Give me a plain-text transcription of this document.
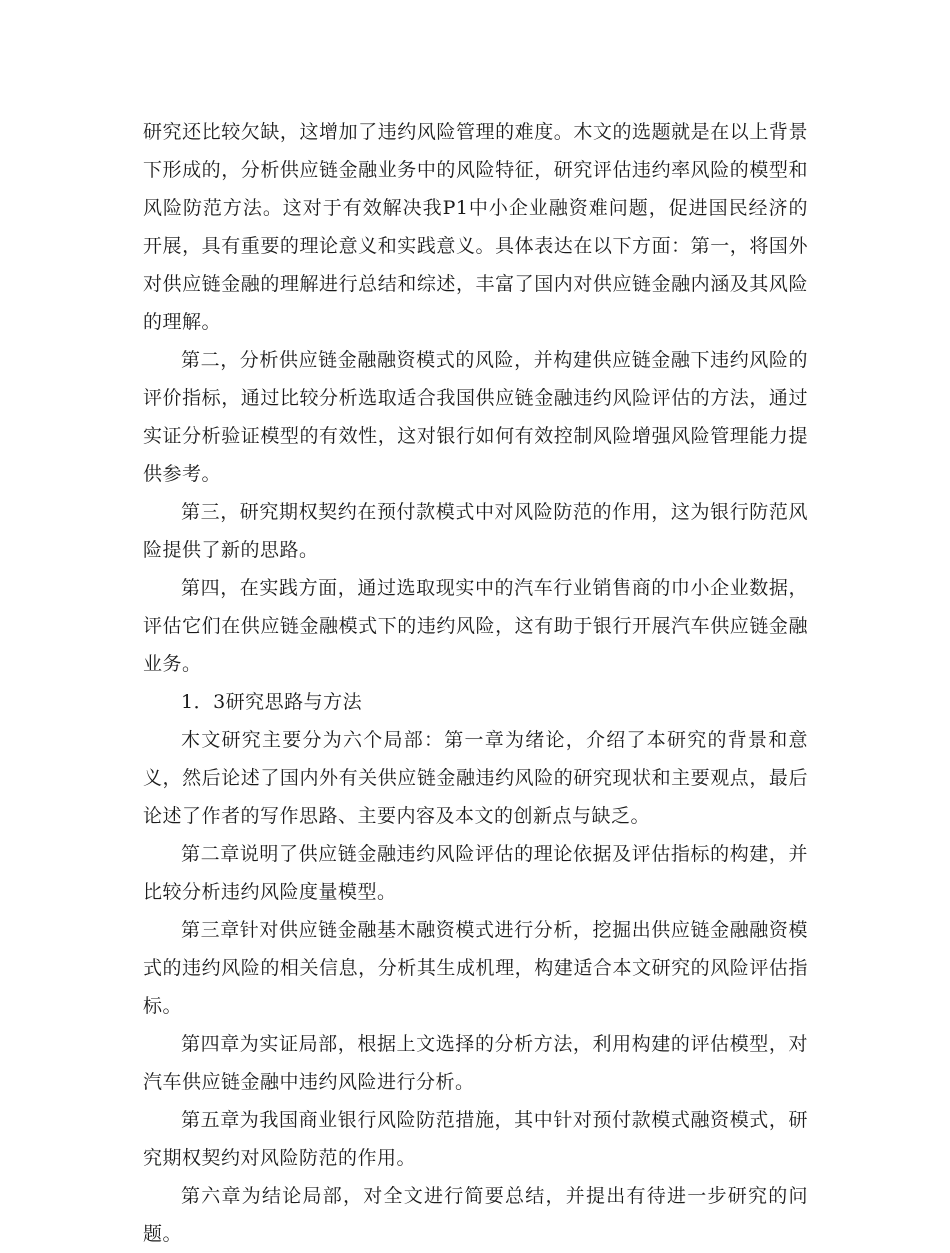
研究还比较欠缺，这增加了违约风险管理的难度。木文的选题就是在以上背景下形成的，分析供应链金融业务中的风险特征，研究评估违约率风险的模型和风险防范方法。这对于有效解决我P1中小企业融资难问题，促进国民经济的开展，具有重要的理论意义和实践意义。具体表达在以下方面：第一，将国外对供应链金融的理解进行总结和综述，丰富了国内对供应链金融内涵及其风险的理解。

第二，分析供应链金融融资模式的风险，并构建供应链金融下违约风险的评价指标，通过比较分析选取适合我国供应链金融违约风险评估的方法，通过实证分析验证模型的有效性，这对银行如何有效控制风险增强风险管理能力提供参考。

第三，研究期权契约在预付款模式中对风险防范的作用，这为银行防范风险提供了新的思路。

第四，在实践方面，通过选取现实中的汽车行业销售商的巾小企业数据，评估它们在供应链金融模式下的违约风险，这有助于银行开展汽车供应链金融业务。

1．3研究思路与方法

木文研究主要分为六个局部：第一章为绪论，介绍了本研究的背景和意义，然后论述了国内外有关供应链金融违约风险的研究现状和主要观点，最后论述了作者的写作思路、主要内容及本文的创新点与缺乏。

第二章说明了供应链金融违约风险评估的理论依据及评估指标的构建，并比较分析违约风险度量模型。

第三章针对供应链金融基木融资模式进行分析，挖掘出供应链金融融资模式的违约风险的相关信息，分析其生成机理，构建适合本文研究的风险评估指标。

第四章为实证局部，根据上文选择的分析方法，利用构建的评估模型，对汽车供应链金融中违约风险进行分析。

第五章为我国商业银行风险防范措施，其中针对预付款模式融资模式，研究期权契约对风险防范的作用。

第六章为结论局部，对全文进行简要总结，并提出有待进一步研究的问题。
